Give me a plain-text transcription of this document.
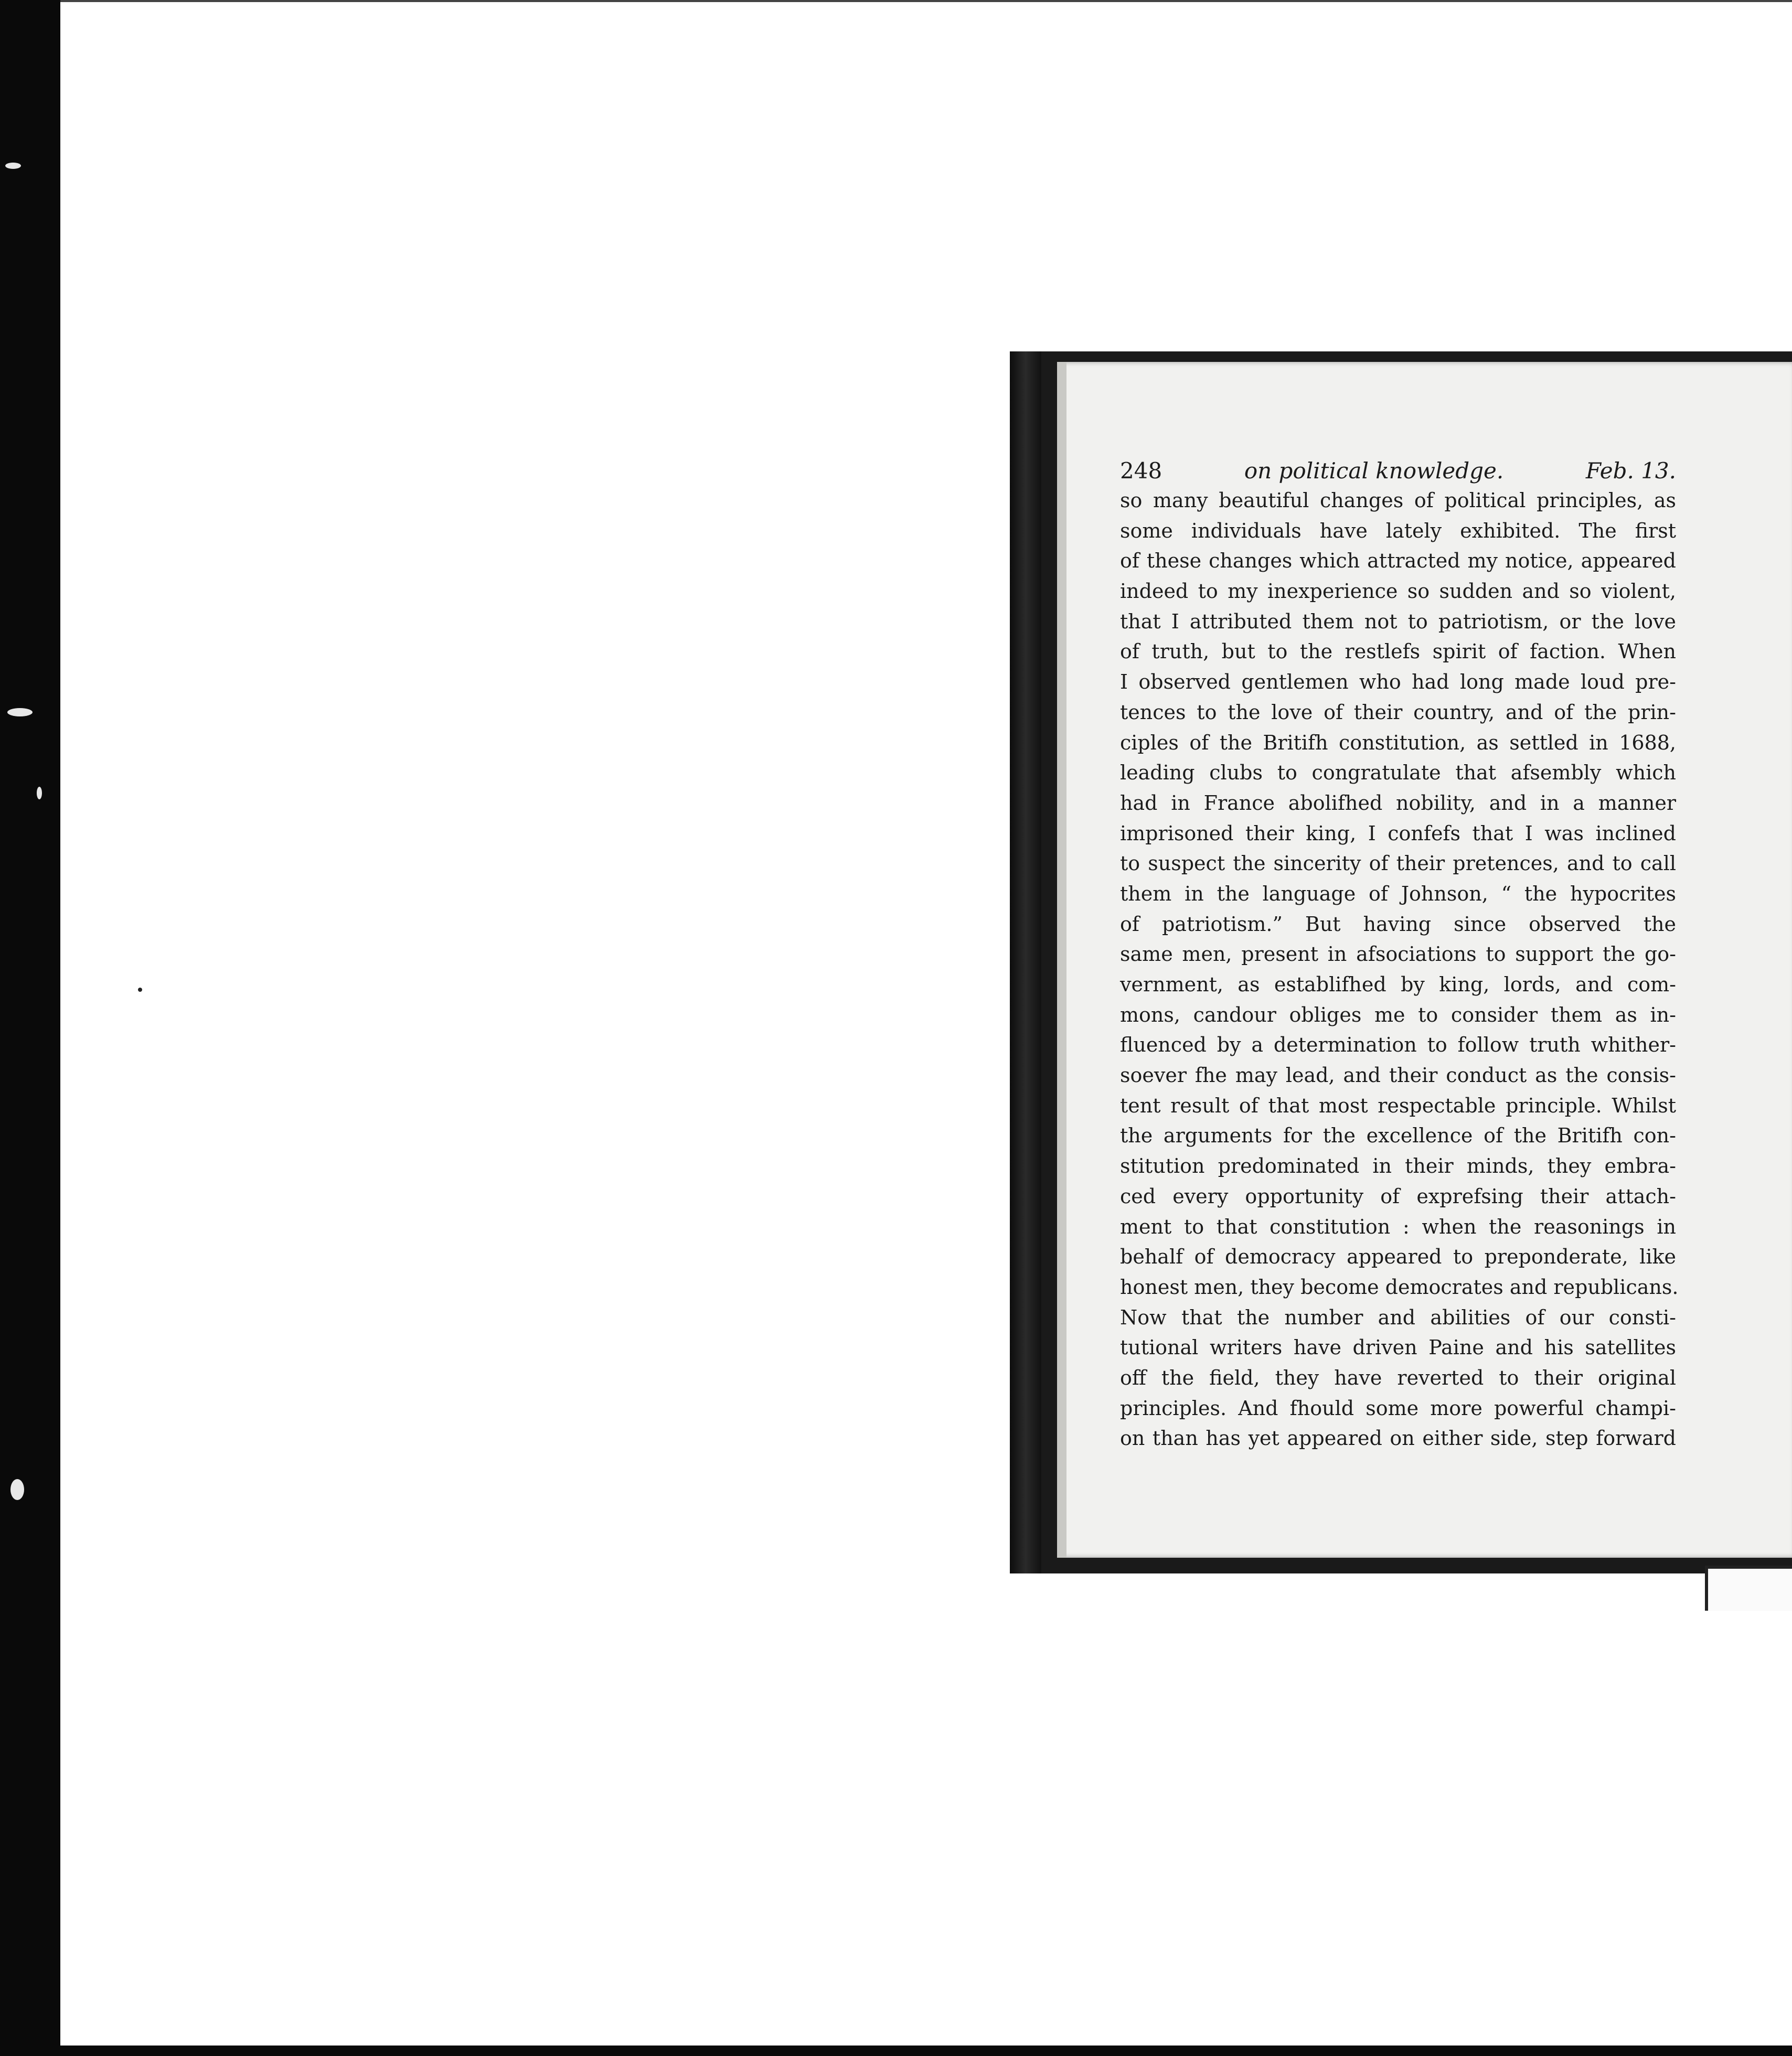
248	on political knowledge.	Feb. 13.
so many beautiful changes of political principles, as
some individuals have lately exhibited. The first
of these changes which attracted my notice, appeared
indeed to my inexperience so sudden and so violent,
that I attributed them not to patriotism, or the love
of truth, but to the restlefs spirit of faction. When
I observed gentlemen who had long made loud pre-
tences to the love of their country, and of the prin-
ciples of the Britifh constitution, as settled in 1688,
leading clubs to congratulate that afsembly which
had in France abolifhed nobility, and in a manner
imprisoned their king, I confefs that I was inclined
to suspect the sincerity of their pretences, and to call
them in the language of Johnson, “ the hypocrites
of patriotism.” But having since observed the
same men, present in afsociations to support the go-
vernment, as establifhed by king, lords, and com-
mons, candour obliges me to consider them as in-
fluenced by a determination to follow truth whither-
soever fhe may lead, and their conduct as the consis-
tent result of that most respectable principle. Whilst
the arguments for the excellence of the Britifh con-
stitution predominated in their minds, they embra-
ced every opportunity of exprefsing their attach-
ment to that constitution : when the reasonings in
behalf of democracy appeared to preponderate, like
honest men, they become democrates and republicans.
Now that the number and abilities of our consti-
tutional writers have driven Paine and his satellites
off the field, they have reverted to their original
principles. And fhould some more powerful champi-
on than has yet appeared on either side, step forward
